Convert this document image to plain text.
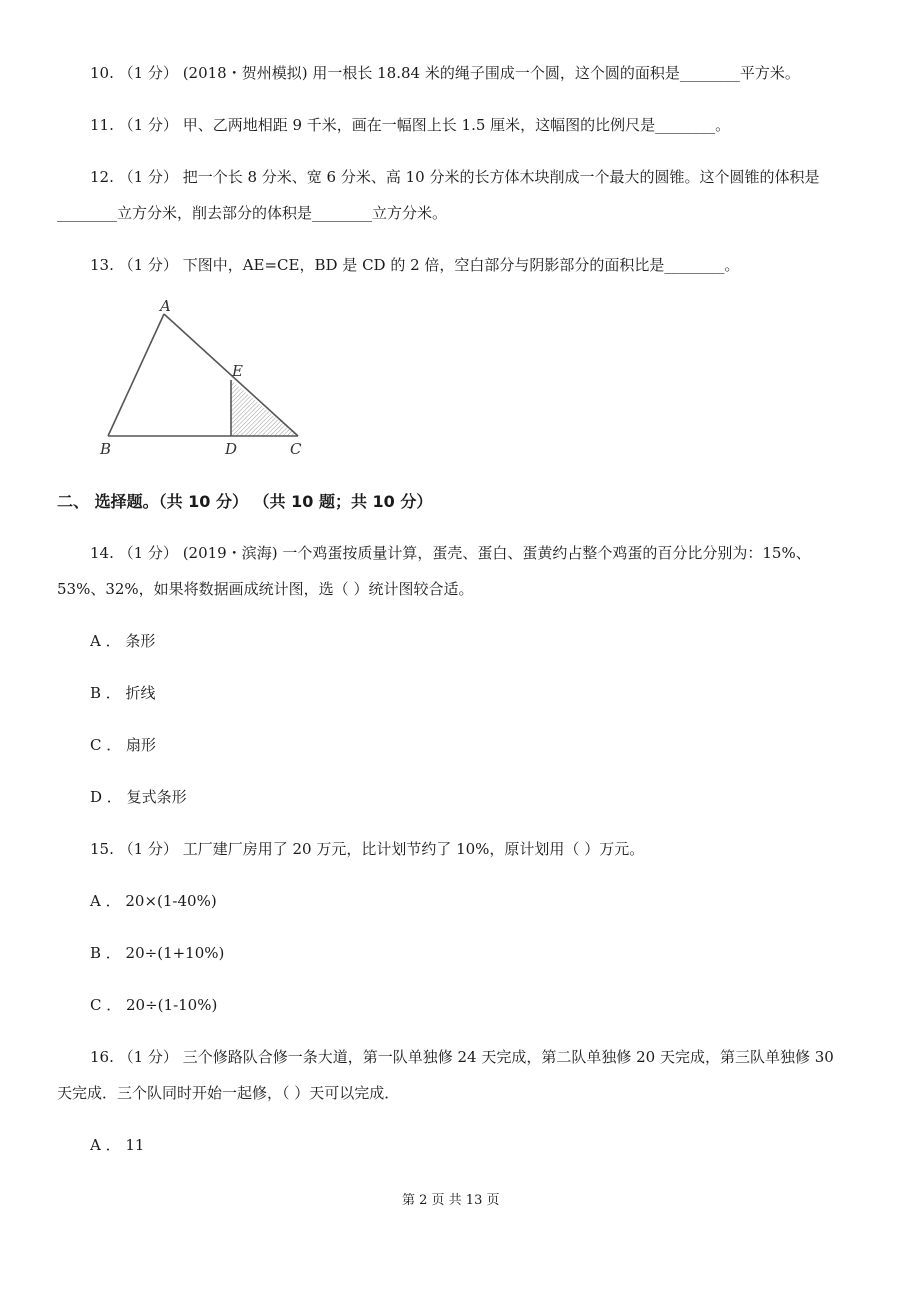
10. （1 分） (2018・贺州模拟) 用一根长 18.84 米的绳子围成一个圆，这个圆的面积是________平方米。
11. （1 分） 甲、乙两地相距 9 千米，画在一幅图上长 1.5 厘米，这幅图的比例尺是________。
12. （1 分） 把一个长 8 分米、宽 6 分米、高 10 分米的长方体木块削成一个最大的圆锥。这个圆锥的体积是
________立方分米，削去部分的体积是________立方分米。
13. （1 分） 下图中，AE=CE，BD 是 CD 的 2 倍，空白部分与阴影部分的面积比是________。
A
E
B	D	C
二、 选择题。（共 10 分） （共 10 题；共 10 分）
14. （1 分） (2019・滨海) 一个鸡蛋按质量计算，蛋壳、蛋白、蛋黄约占整个鸡蛋的百分比分别为：15%、
53%、32%，如果将数据画成统计图，选（ ）统计图较合适。
A ． 条形
B ． 折线
C ． 扇形
D ． 复式条形
15. （1 分） 工厂建厂房用了 20 万元，比计划节约了 10%，原计划用（ ）万元。
A ． 20×(1-40%)
B ． 20÷(1+10%)
C ． 20÷(1-10%)
16. （1 分） 三个修路队合修一条大道，第一队单独修 24 天完成，第二队单独修 20 天完成，第三队单独修 30
天完成．三个队同时开始一起修，（ ）天可以完成．
A ． 11
第 2 页 共 13 页
